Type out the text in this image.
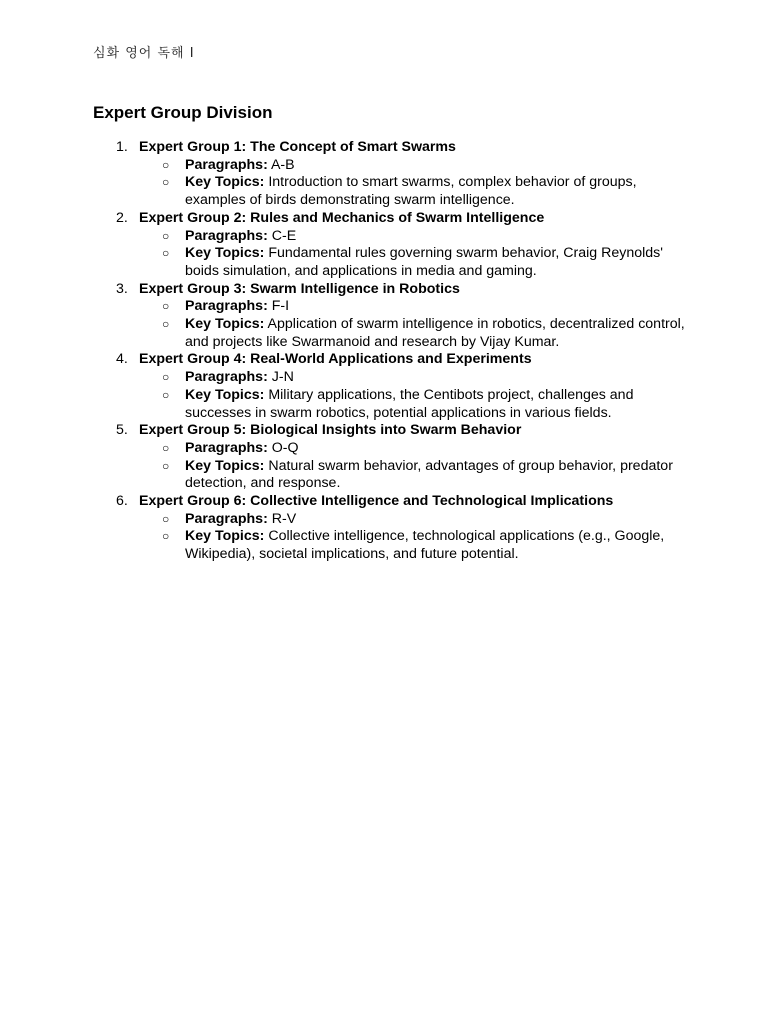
심화 영어 독해 I
Expert Group Division
1. Expert Group 1: The Concept of Smart Swarms
○ Paragraphs: A-B
○ Key Topics: Introduction to smart swarms, complex behavior of groups, examples of birds demonstrating swarm intelligence.
2. Expert Group 2: Rules and Mechanics of Swarm Intelligence
○ Paragraphs: C-E
○ Key Topics: Fundamental rules governing swarm behavior, Craig Reynolds' boids simulation, and applications in media and gaming.
3. Expert Group 3: Swarm Intelligence in Robotics
○ Paragraphs: F-I
○ Key Topics: Application of swarm intelligence in robotics, decentralized control, and projects like Swarmanoid and research by Vijay Kumar.
4. Expert Group 4: Real-World Applications and Experiments
○ Paragraphs: J-N
○ Key Topics: Military applications, the Centibots project, challenges and successes in swarm robotics, potential applications in various fields.
5. Expert Group 5: Biological Insights into Swarm Behavior
○ Paragraphs: O-Q
○ Key Topics: Natural swarm behavior, advantages of group behavior, predator detection, and response.
6. Expert Group 6: Collective Intelligence and Technological Implications
○ Paragraphs: R-V
○ Key Topics: Collective intelligence, technological applications (e.g., Google, Wikipedia), societal implications, and future potential.
